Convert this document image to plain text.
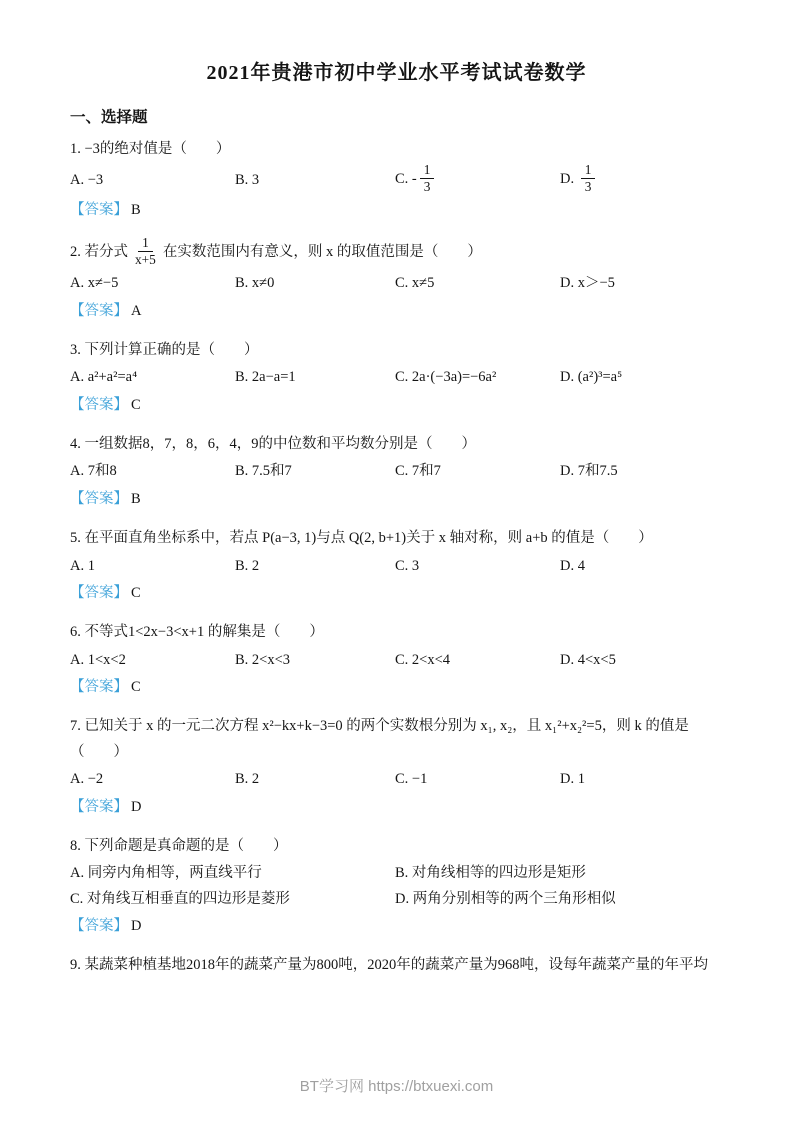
2021年贵港市初中学业水平考试试卷数学
一、选择题
1. −3的绝对值是（　　）
A. −3	B. 3	C. - $\frac{1}{3}$	D. $\frac{1}{3}$
【答案】 B
2. 若分式 $\frac{1}{x+5}$ 在实数范围内有意义，则 x 的取值范围是（　　）
A. x≠−5	B. x≠0	C. x≠5	D. x＞−5
【答案】 A
3. 下列计算正确的是（　　）
A. a²+a²=a⁴	B. 2a−a=1	C. 2a·(−3a)=−6a²	D. (a²)³=a⁵
【答案】 C
4. 一组数据8，7，8，6，4，9的中位数和平均数分别是（　　）
A. 7和8	B. 7.5和7	C. 7和7	D. 7和7.5
【答案】 B
5. 在平面直角坐标系中，若点 P(a−3, 1)与点 Q(2, b+1)关于 x 轴对称，则 a+b 的值是（　　）
A. 1	B. 2	C. 3	D. 4
【答案】 C
6. 不等式1<2x−3<x+1 的解集是（　　）
A. 1<x<2	B. 2<x<3	C. 2<x<4	D. 4<x<5
【答案】 C
7. 已知关于 x 的一元二次方程 x²−kx+k−3=0 的两个实数根分别为 x₁, x₂，且 x₁²+x₂²=5，则 k 的值是（　　）
A. −2	B. 2	C. −1	D. 1
【答案】 D
8. 下列命题是真命题的是（　　）
A. 同旁内角相等，两直线平行	B. 对角线相等的四边形是矩形
C. 对角线互相垂直的四边形是菱形	D. 两角分别相等的两个三角形相似
【答案】 D
9. 某蔬菜种植基地2018年的蔬菜产量为800吨，2020年的蔬菜产量为968吨，设每年蔬菜产量的年平均
BT学习网 https://btxuexi.com
